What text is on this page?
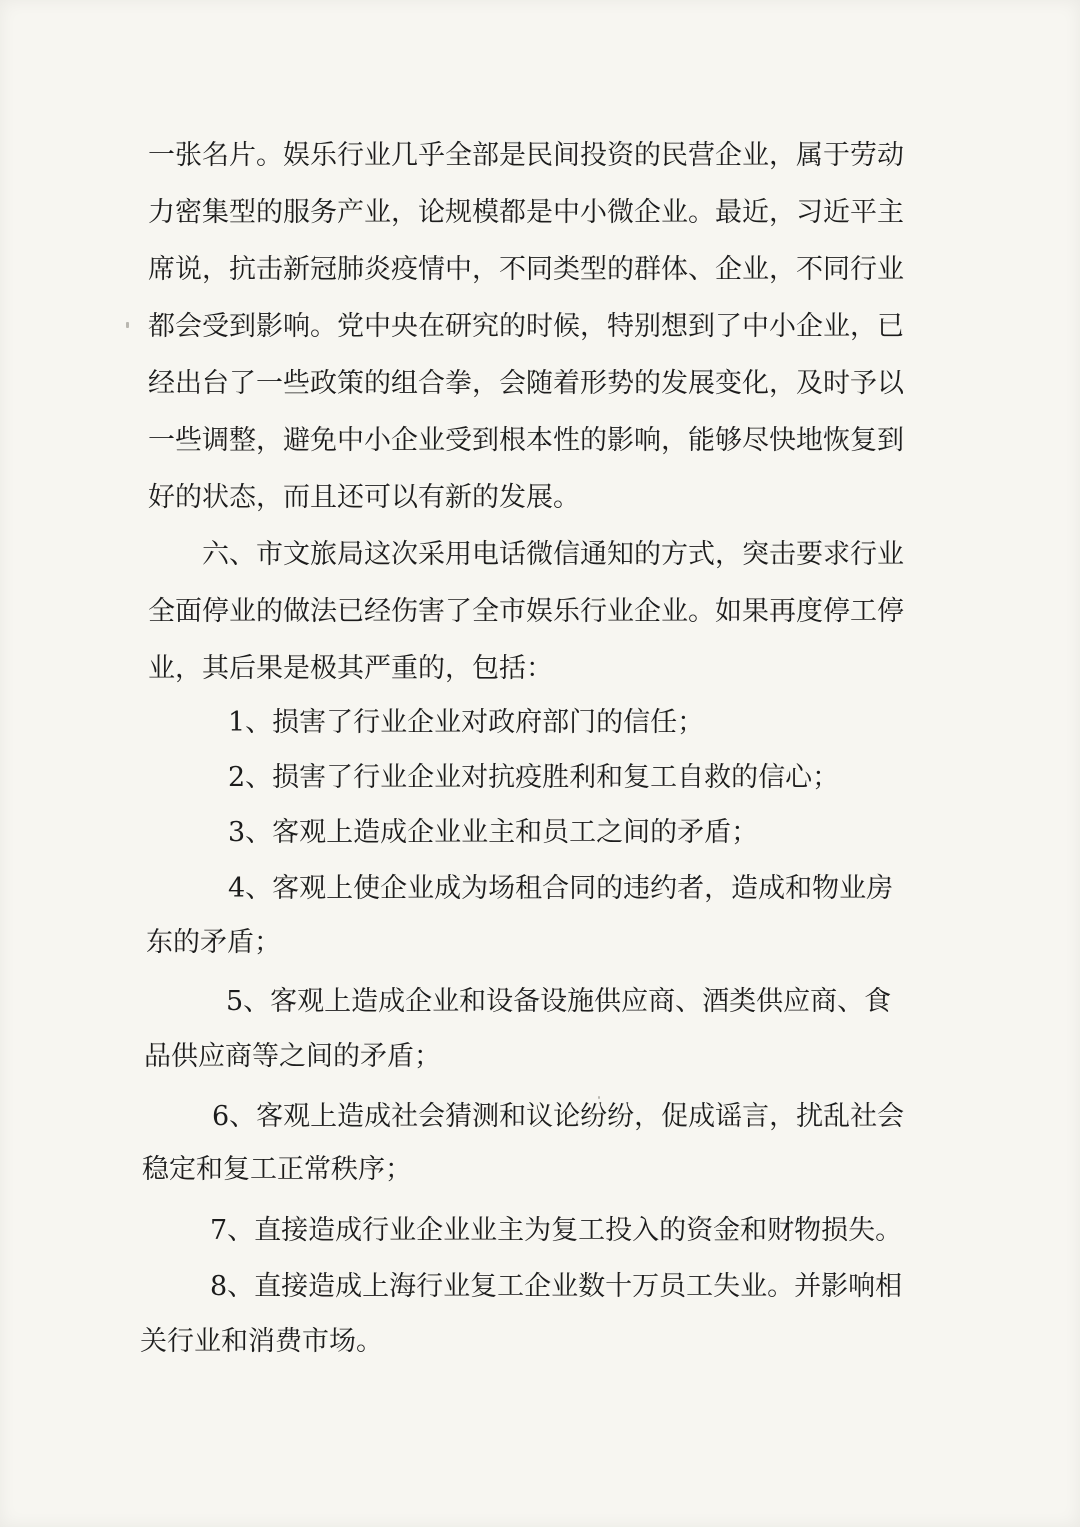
一张名片。娱乐行业几乎全部是民间投资的民营企业，属于劳动
力密集型的服务产业，论规模都是中小微企业。最近，习近平主
席说，抗击新冠肺炎疫情中，不同类型的群体、企业，不同行业
都会受到影响。党中央在研究的时候，特别想到了中小企业，已
经出台了一些政策的组合拳，会随着形势的发展变化，及时予以
一些调整，避免中小企业受到根本性的影响，能够尽快地恢复到
好的状态，而且还可以有新的发展。
六、市文旅局这次采用电话微信通知的方式，突击要求行业
全面停业的做法已经伤害了全市娱乐行业企业。如果再度停工停
业，其后果是极其严重的，包括：
1、损害了行业企业对政府部门的信任；
2、损害了行业企业对抗疫胜利和复工自救的信心；
3、客观上造成企业业主和员工之间的矛盾；
4、客观上使企业成为场租合同的违约者，造成和物业房
东的矛盾；
5、客观上造成企业和设备设施供应商、酒类供应商、食
品供应商等之间的矛盾；
6、客观上造成社会猜测和议论纷纷，促成谣言，扰乱社会
稳定和复工正常秩序；
7、直接造成行业企业业主为复工投入的资金和财物损失。
8、直接造成上海行业复工企业数十万员工失业。并影响相
关行业和消费市场。
